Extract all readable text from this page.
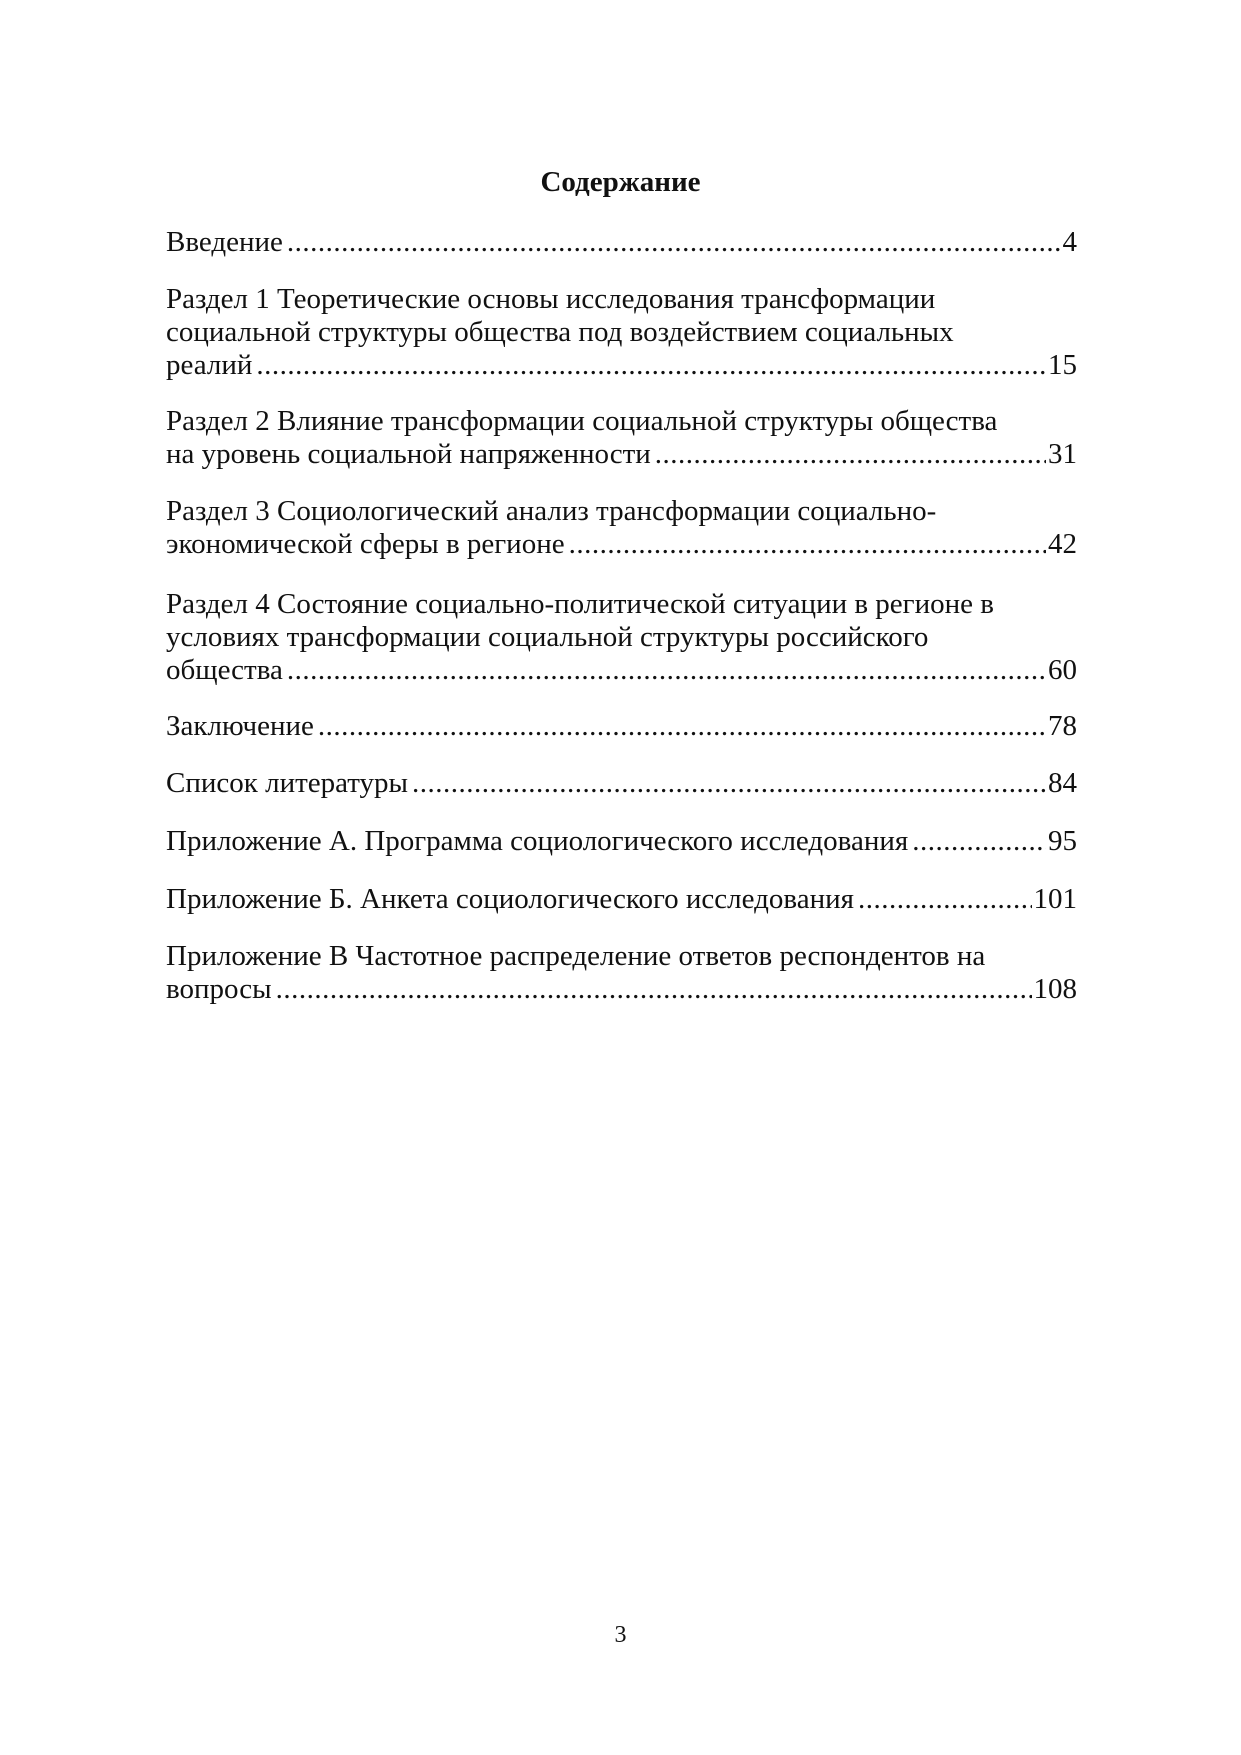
Содержание
Введение .....	4
Раздел 1 Теоретические основы исследования трансформации
социальной структуры общества под воздействием социальных
реалий .....	15
Раздел 2 Влияние трансформации социальной структуры общества
на уровень социальной напряженности .....	31
Раздел 3 Социологический анализ трансформации социально-
экономической сферы в регионе .....	42
Раздел 4 Состояние социально-политической ситуации в регионе в
условиях трансформации социальной структуры российского
общества .....	60
Заключение .....	78
Список литературы .....	84
Приложение А. Программа социологического исследования .....	95
Приложение Б. Анкета социологического исследования .....	101
Приложение В Частотное распределение ответов респондентов на
вопросы .....	108
3
